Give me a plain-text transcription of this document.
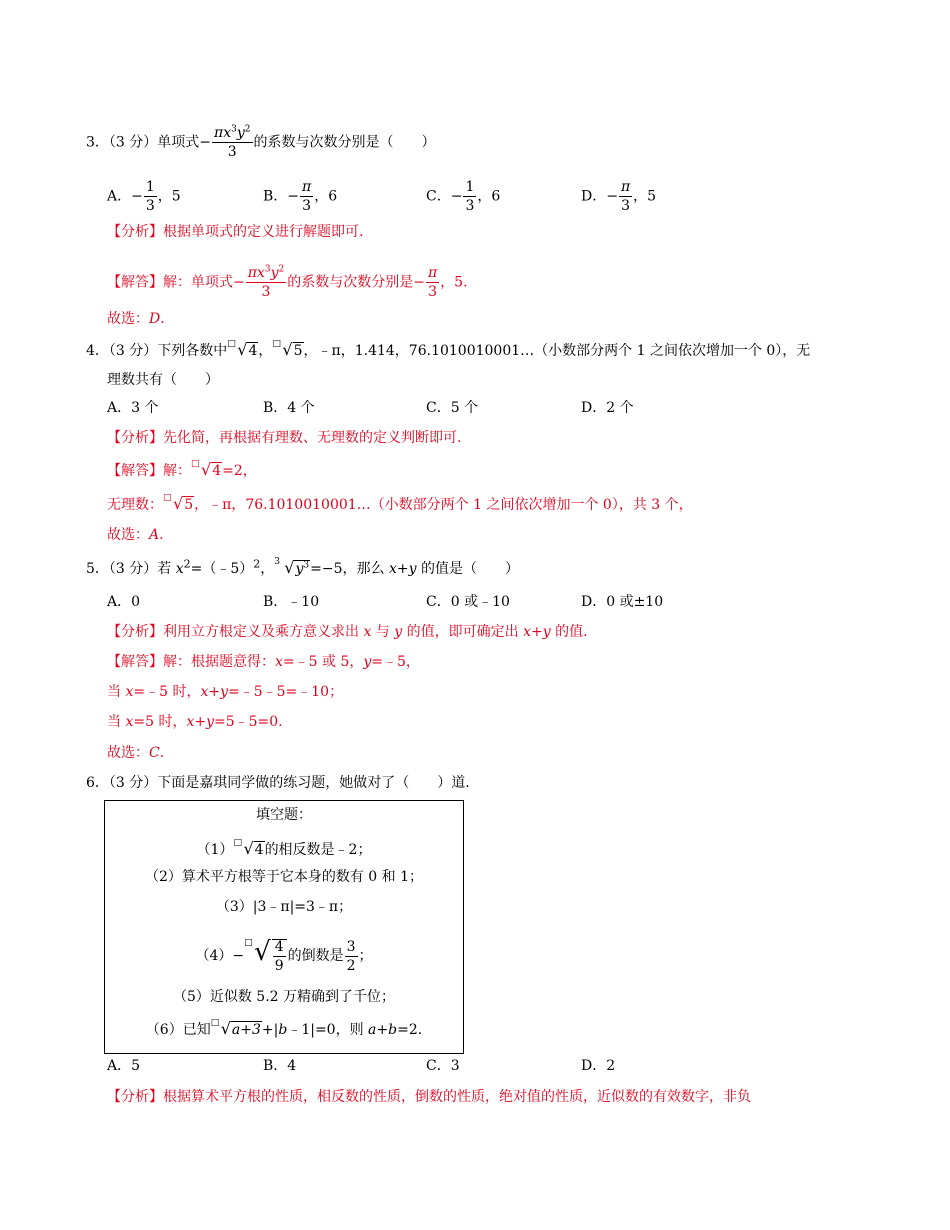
3．（3 分）单项式− $\frac{\pi x^3y^2}{3}$ 的系数与次数分别是（　　）
A．− $\frac{1}{3}$ ，5	B．− $\frac{\pi}{3}$ ，6	C．− $\frac{1}{3}$ ，6	D．− $\frac{\pi}{3}$ ，5
【分析】根据单项式的定义进行解题即可.
【解答】解：单项式− $\frac{\pi x^3y^2}{3}$ 的系数与次数分别是− $\frac{\pi}{3}$ ，5.
故选：D.
4．（3 分）下列各数中 □ √4， □ √5，﹣π，1.414，76.1010010001…（小数部分两个 1 之间依次增加一个 0），无
理数共有（　　）
A．3 个	B．4 个	C．5 个	D．2 个
【分析】先化简，再根据有理数、无理数的定义判断即可.
【解答】解： □ √4=2，
无理数： □ √5，﹣π，76.1010010001…（小数部分两个 1 之间依次增加一个 0），共 3 个，
故选：A.
5．（3 分）若 $x^2=(﹣5)^2$， 3 $√y^3=-5$，那么 x+y 的值是（　　）
A．0	B．﹣10	C．0 或﹣10	D．0 或±10
【分析】利用立方根定义及乘方意义求出 x 与 y 的值，即可确定出 x+y 的值.
【解答】解：根据题意得：x=﹣5 或 5，y=﹣5，
当 x=﹣5 时，x+y=﹣5﹣5=﹣10；
当 x=5 时，x+y=5﹣5=0.
故选：C.
6．（3 分）下面是嘉琪同学做的练习题，她做对了（　　）道.
填空题：
（1） □ √4的相反数是﹣2；
（2）算术平方根等于它本身的数有 0 和 1；
（3）|3﹣π|=3﹣π；
（4）−
□ √ $\frac{4}{9}$ 的倒数是 $\frac{3}{2}$ ；
（5）近似数 5.2 万精确到了千位；
（6）已知 □ √a+3+|b﹣1|=0，则 a+b=2.
A．5	B．4	C．3	D．2
【分析】根据算术平方根的性质，相反数的性质，倒数的性质，绝对值的性质，近似数的有效数字，非负
